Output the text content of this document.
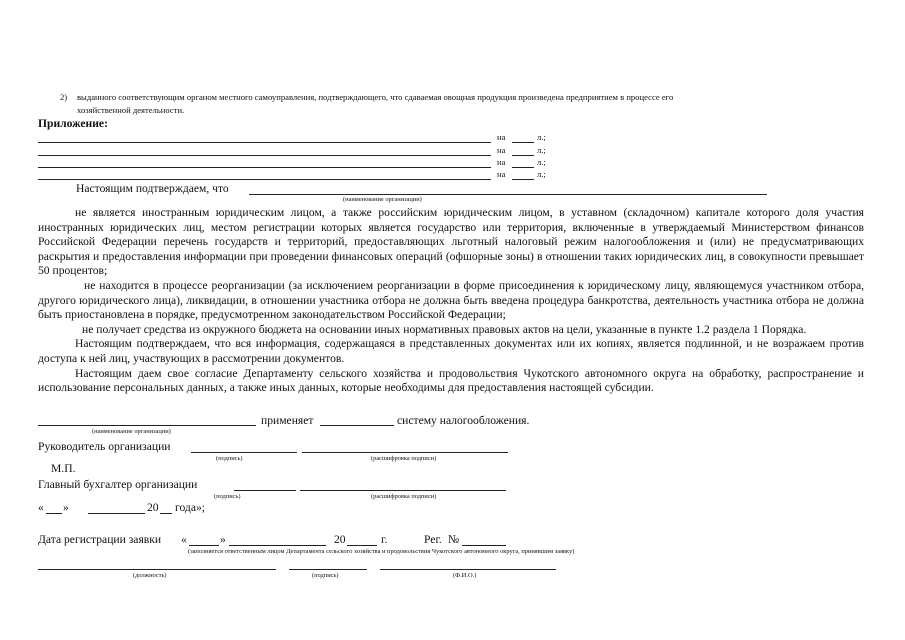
2) выданного соответствующим органом местного самоуправления, подтверждающего, что сдаваемая овощная продукция произведена предприятием в процессе его
хозяйственной деятельности.
Приложение:
на	л.;
на	л.;
на	л.;
на	л.;
Настоящим подтверждаем, что
(наименование организации)

не является иностранным юридическим лицом, а также российским юридическим лицом, в уставном (складочном) капитале которого доля участия иностранных юридических лиц, местом регистрации которых является государство или территория, включенные в утверждаемый Министерством финансов Российской Федерации перечень государств и территорий, предоставляющих льготный налоговый режим налогообложения и (или) не предусматривающих раскрытия и предоставления информации при проведении финансовых операций (офшорные зоны) в отношении таких юридических лиц, в совокупности превышает 50 процентов;

не находится в процессе реорганизации (за исключением реорганизации в форме присоединения к юридическому лицу, являющемуся участником отбора, другого юридического лица), ликвидации, в отношении участника отбора не должна быть введена процедура банкротства, деятельность участника отбора не должна быть приостановлена в порядке, предусмотренном законодательством Российской Федерации;

не получает средства из окружного бюджета на основании иных нормативных правовых актов на цели, указанные в пункте 1.2 раздела 1 Порядка.

Настоящим подтверждаем, что вся информация, содержащаяся в представленных документах или их копиях, является подлинной, и не возражаем против доступа к ней лиц, участвующих в рассмотрении документов.

Настоящим даем свое согласие Департаменту сельского хозяйства и продовольствия Чукотского автономного округа на обработку, распространение и использование персональных данных, а также иных данных, которые необходимы для предоставления настоящей субсидии.

применяет	систему налогообложения.
(наименование организации)
Руководитель организации
(подпись)	(расшифровка подписи)
М.П.
Главный бухгалтер организации
(подпись)	(расшифровка подписи)
« »	20 года»;
Дата регистрации заявки «	»	20	г.	Рег. №
(заполняется ответственным лицом Департамента сельского хозяйства и продовольствия Чукотского автономного округа, принявшим заявку)
(должность)	(подпись)	(Ф.И.О.)
